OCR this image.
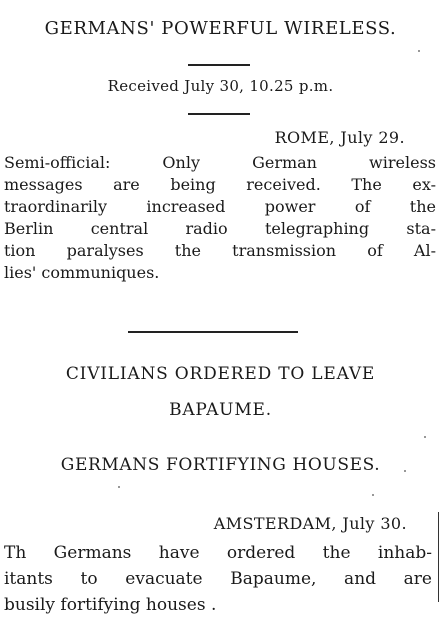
GERMANS' POWERFUL WIRELESS.
Received July 30, 10.25 p.m.
ROME, July 29.
Semi-official: Only German wireless
messages are being received. The ex-
traordinarily increased power of the
Berlin central radio telegraphing sta-
tion paralyses the transmission of Al-
lies' communiques.
CIVILIANS ORDERED TO LEAVE
BAPAUME.
GERMANS FORTIFYING HOUSES.
AMSTERDAM, July 30.
Th Germans have ordered the inhab-
itants to evacuate Bapaume, and are
busily fortifying houses .
